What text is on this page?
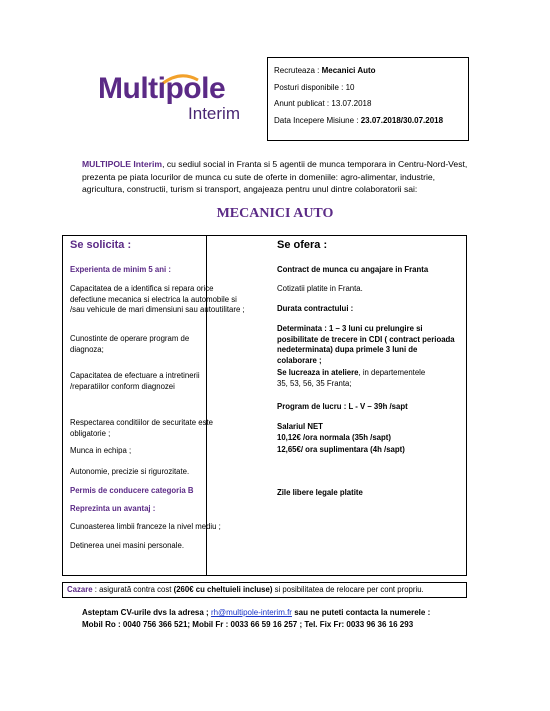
Multipole
Interim
Recruteaza : Mecanici Auto
Posturi disponibile : 10
Anunt publicat : 13.07.2018
Data Incepere Misiune : 23.07.2018/30.07.2018
MULTIPOLE Interim, cu sediul social in Franta si 5 agentii de munca temporara in Centru-Nord-Vest, prezenta pe piata locurilor de munca cu sute de oferte in domeniile: agro-alimentar, industrie, agricultura, constructii, turism si transport, angajeaza pentru unul dintre colaboratorii sai:
MECANICI AUTO
Se solicita :
Experienta de minim 5 ani :
Capacitatea de a identifica si repara orice defectiune mecanica si electrica la automobile si /sau vehicule de mari dimensiuni sau autoutilitare ;
Cunostinte de operare program de diagnoza;
Capacitatea de efectuare a intretinerii /reparatiilor conform diagnozei
Respectarea conditiilor de securitate este obligatorie ;
Munca in echipa ;
Autonomie, precizie si rigurozitate.
Permis de conducere categoria B
Reprezinta un avantaj :
Cunoasterea limbii franceze la nivel mediu ;
Detinerea unei masini personale.
Se ofera :
Contract de munca cu angajare in Franta
Cotizatii platite in Franta.
Durata contractului :
Determinata : 1 – 3 luni cu prelungire si posibilitate de trecere in CDI ( contract perioada nedeterminata) dupa primele 3 luni de colaborare ;
Se lucreaza in ateliere, in departementele 35, 53, 56, 35 Franta;
Program de lucru : L - V – 39h /sapt
Salariul NET
10,12€ /ora normala (35h /sapt)
12,65€/ ora suplimentara (4h /sapt)
Zile libere legale platite
Cazare : asigurată contra cost (260€ cu cheltuieli incluse) si posibilitatea de relocare per cont propriu.
Asteptam CV-urile dvs la adresa ; rh@multipole-interim.fr sau ne puteti contacta la numerele :
Mobil Ro : 0040 756 366 521; Mobil Fr : 0033 66 59 16 257 ; Tel. Fix Fr: 0033 96 36 16 293
